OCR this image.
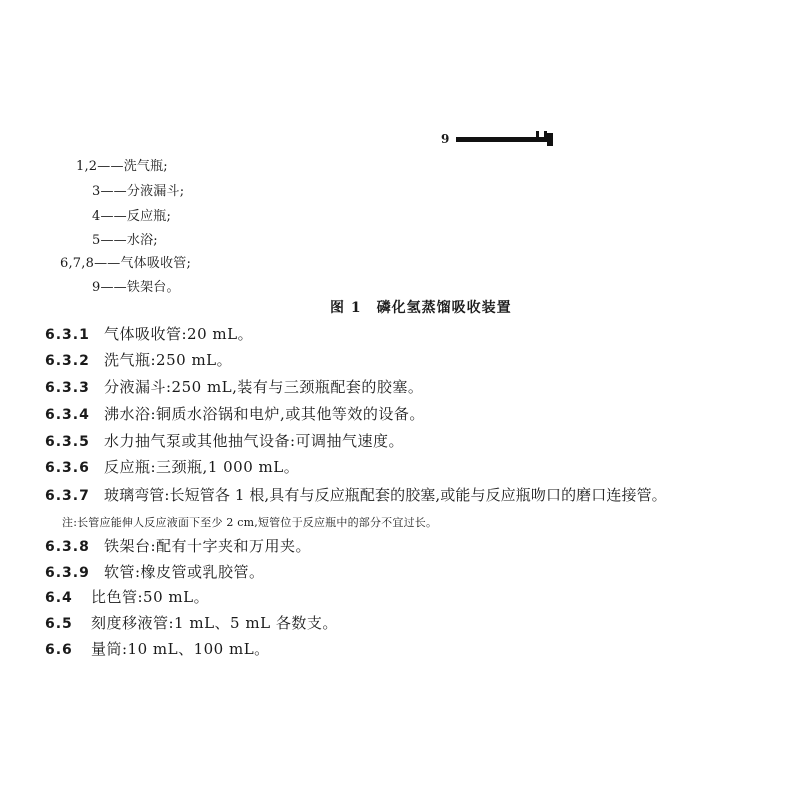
9
1,2——洗气瓶;
3——分液漏斗;
4——反应瓶;
5——水浴;
6,7,8——气体吸收管;
9——铁架台。
图 1　磷化氢蒸馏吸收装置
6.3.1 气体吸收管:20 mL。
6.3.2 洗气瓶:250 mL。
6.3.3 分液漏斗:250 mL,装有与三颈瓶配套的胶塞。
6.3.4 沸水浴:铜质水浴锅和电炉,或其他等效的设备。
6.3.5 水力抽气泵或其他抽气设备:可调抽气速度。
6.3.6 反应瓶:三颈瓶,1 000 mL。
6.3.7 玻璃弯管:长短管各 1 根,具有与反应瓶配套的胶塞,或能与反应瓶吻口的磨口连接管。
注:长管应能伸人反应液面下至少 2 cm,短管位于反应瓶中的部分不宜过长。
6.3.8 铁架台:配有十字夹和万用夹。
6.3.9 软管:橡皮管或乳胶管。
6.4 比色管:50 mL。
6.5 刻度移液管:1 mL、5 mL 各数支。
6.6 量筒:10 mL、100 mL。
